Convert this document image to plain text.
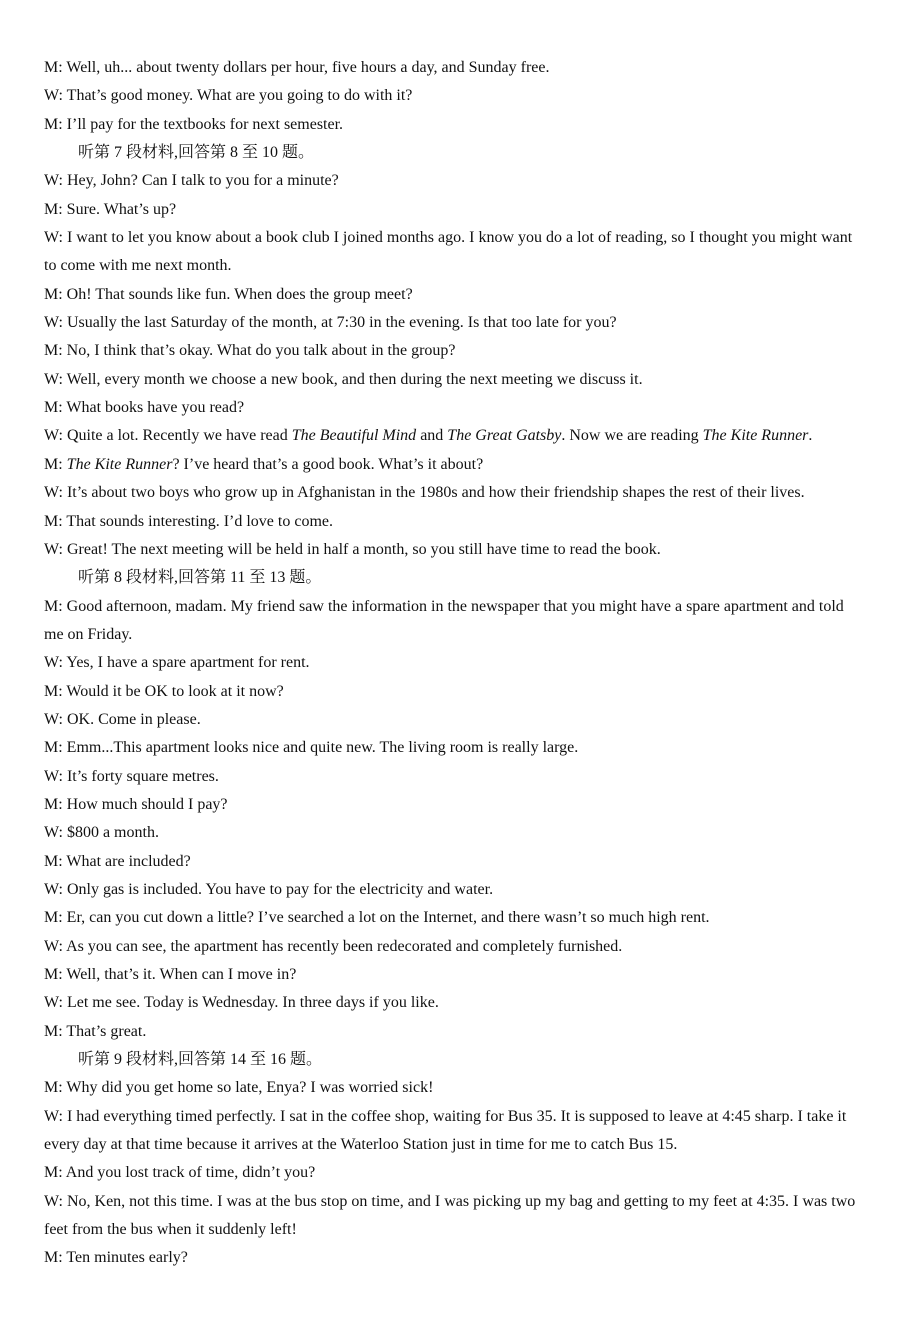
M: Well, uh... about twenty dollars per hour, five hours a day, and Sunday free.
W: That’s good money. What are you going to do with it?
M: I’ll pay for the textbooks for next semester.
听第 7 段材料,回答第 8 至 10 题。
W: Hey, John? Can I talk to you for a minute?
M: Sure. What’s up?
W: I want to let you know about a book club I joined months ago. I know you do a lot of reading, so I thought you might want to come with me next month.
M: Oh! That sounds like fun. When does the group meet?
W: Usually the last Saturday of the month, at 7:30 in the evening. Is that too late for you?
M: No, I think that’s okay. What do you talk about in the group?
W: Well, every month we choose a new book, and then during the next meeting we discuss it.
M: What books have you read?
W: Quite a lot. Recently we have read The Beautiful Mind and The Great Gatsby. Now we are reading The Kite Runner.
M: The Kite Runner? I’ve heard that’s a good book. What’s it about?
W: It’s about two boys who grow up in Afghanistan in the 1980s and how their friendship shapes the rest of their lives.
M: That sounds interesting. I’d love to come.
W: Great! The next meeting will be held in half a month, so you still have time to read the book.
听第 8 段材料,回答第 11 至 13 题。
M: Good afternoon, madam. My friend saw the information in the newspaper that you might have a spare apartment and told me on Friday.
W: Yes, I have a spare apartment for rent.
M: Would it be OK to look at it now?
W: OK. Come in please.
M: Emm...This apartment looks nice and quite new. The living room is really large.
W: It’s forty square metres.
M: How much should I pay?
W: $800 a month.
M: What are included?
W: Only gas is included. You have to pay for the electricity and water.
M: Er, can you cut down a little? I’ve searched a lot on the Internet, and there wasn’t so much high rent.
W: As you can see, the apartment has recently been redecorated and completely furnished.
M: Well, that’s it. When can I move in?
W: Let me see. Today is Wednesday. In three days if you like.
M: That’s great.
听第 9 段材料,回答第 14 至 16 题。
M: Why did you get home so late, Enya? I was worried sick!
W: I had everything timed perfectly. I sat in the coffee shop, waiting for Bus 35. It is supposed to leave at 4:45 sharp. I take it every day at that time because it arrives at the Waterloo Station just in time for me to catch Bus 15.
M: And you lost track of time, didn’t you?
W: No, Ken, not this time. I was at the bus stop on time, and I was picking up my bag and getting to my feet at 4:35. I was two feet from the bus when it suddenly left!
M: Ten minutes early?
